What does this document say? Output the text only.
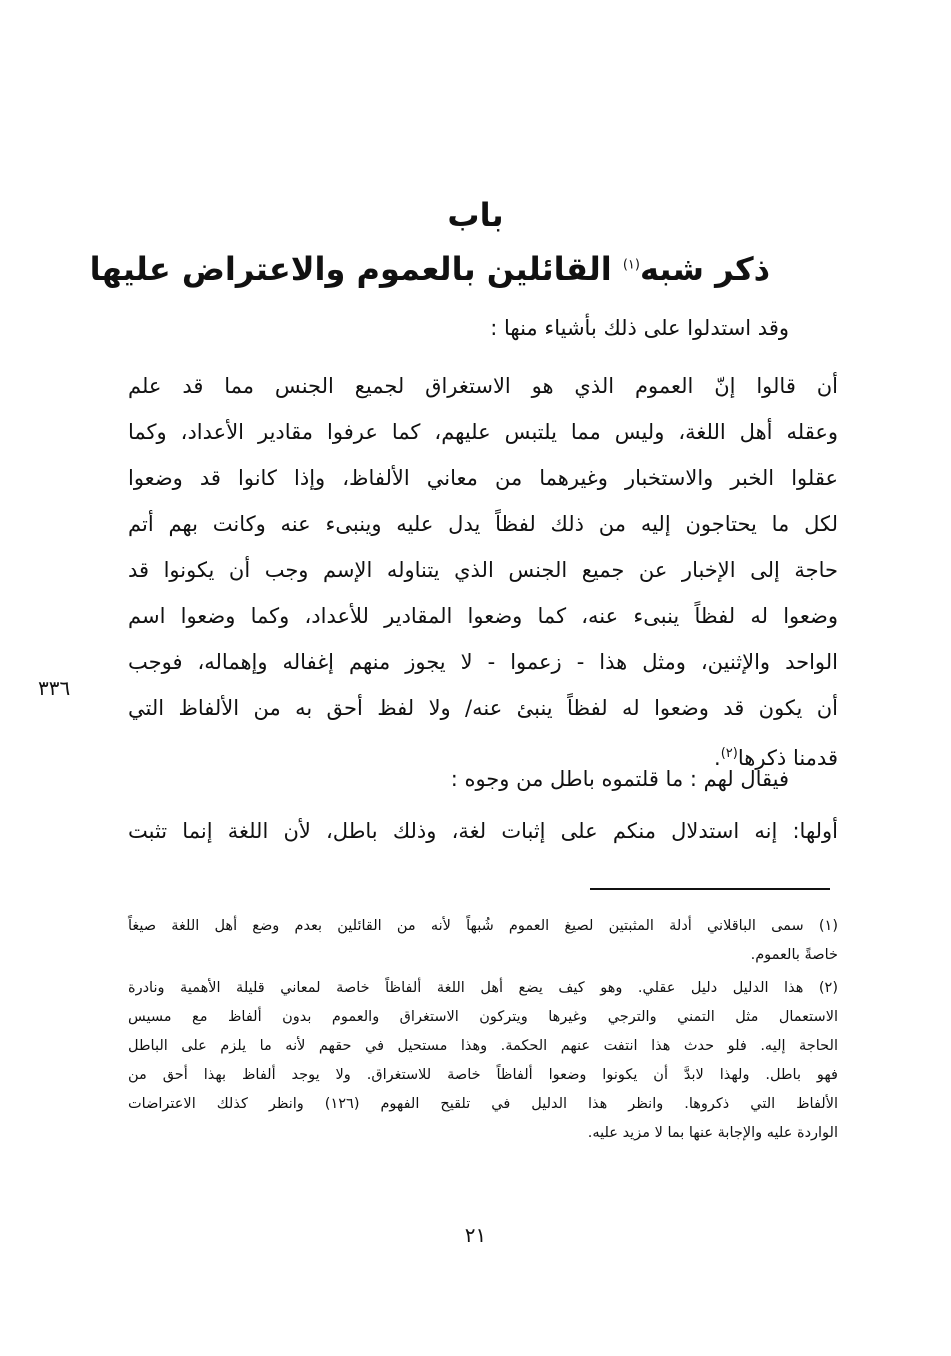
باب
ذكر شبه$^{(١)}$ القائلين بالعموم والاعتراض عليها
وقد استدلوا على ذلك بأشياء منها :
أن قالوا إنّ العموم الذي هو الاستغراق لجميع الجنس مما قد علم
وعقله أهل اللغة، وليس مما يلتبس عليهم، كما عرفوا مقادير الأعداد، وكما
عقلوا الخبر والاستخبار وغيرهما من معاني الألفاظ، وإذا كانوا قد وضعوا
لكل ما يحتاجون إليه من ذلك لفظاً يدل عليه وينبىء عنه وكانت بهم أتم
حاجة إلى الإخبار عن جميع الجنس الذي يتناوله الإسم وجب أن يكونوا قد
وضعوا له لفظاً ينبىء عنه، كما وضعوا المقادير للأعداد، وكما وضعوا اسم
الواحد والإثنين، ومثل هذا - زعموا - لا يجوز منهم إغفاله وإهماله، فوجب
أن يكون قد وضعوا له لفظاً ينبئ عنه/ ولا لفظ أحق به من الألفاظ التي
قدمنا ذكرها$^{(٢)}$.
٣٣٦
فيقال لهم : ما قلتموه باطل من وجوه :
أولها: إنه استدلال منكم على إثبات لغة، وذلك باطل، لأن اللغة إنما تثبت
(١) سمى الباقلاني أدلة المثبتين لصيغ العموم شُبهاً لأنه من القائلين بعدم وضع أهل اللغة صيغاً
خاصةً بالعموم.
(٢) هذا الدليل دليل عقلي. وهو كيف يضع أهل اللغة ألفاظاً خاصة لمعاني قليلة الأهمية ونادرة
الاستعمال مثل التمني والترجي وغيرها ويتركون الاستغراق والعموم بدون ألفاظ مع مسيس
الحاجة إليه. فلو حدث هذا انتفت عنهم الحكمة. وهذا مستحيل في حقهم لأنه ما يلزم على الباطل
فهو باطل. ولهذا لابدَّ أن يكونوا وضعوا ألفاظاً خاصة للاستغراق. ولا يوجد ألفاظ بهذا أحق من
الألفاظ التي ذكروها. وانظر هذا الدليل في تلقيح الفهوم (١٢٦) وانظر كذلك الاعتراضات
الواردة عليه والإجابة عنها بما لا مزيد عليه.
٢١
